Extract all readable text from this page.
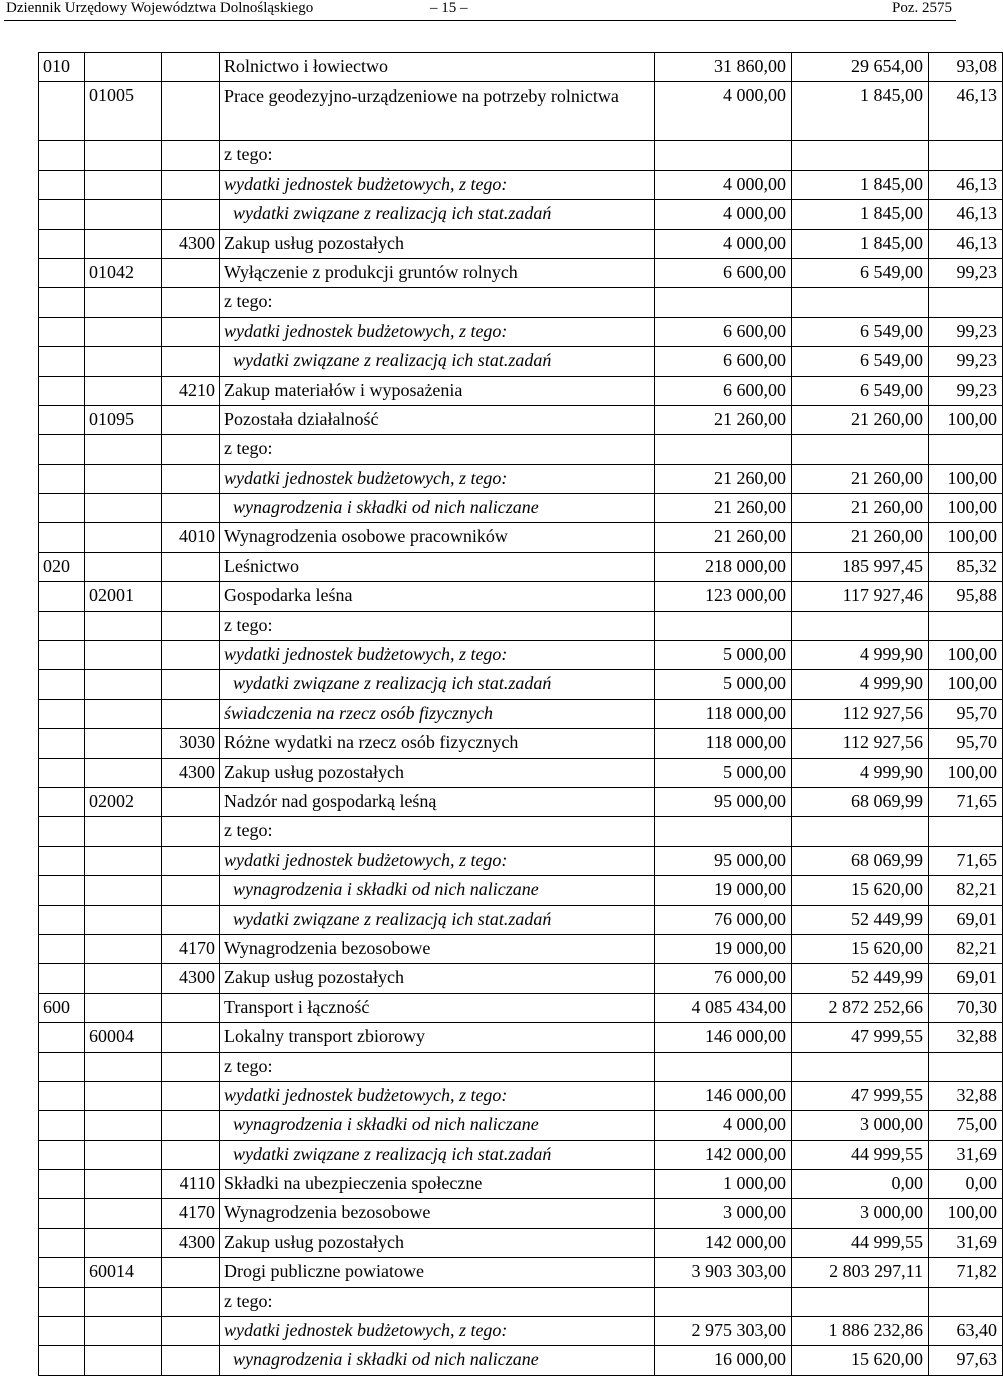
Dziennik Urzędowy Województwa Dolnośląskiego	– 15 –	Poz. 2575
010			Rolnictwo i łowiectwo	31 860,00	29 654,00	93,08
	01005		Prace geodezyjno-urządzeniowe na potrzeby rolnictwa	4 000,00	1 845,00	46,13
			z tego:			
			wydatki jednostek budżetowych, z tego:	4 000,00	1 845,00	46,13
			wydatki związane z realizacją ich stat.zadań	4 000,00	1 845,00	46,13
		4300	Zakup usług pozostałych	4 000,00	1 845,00	46,13
	01042		Wyłączenie z produkcji gruntów rolnych	6 600,00	6 549,00	99,23
			z tego:			
			wydatki jednostek budżetowych, z tego:	6 600,00	6 549,00	99,23
			wydatki związane z realizacją ich stat.zadań	6 600,00	6 549,00	99,23
		4210	Zakup materiałów i wyposażenia	6 600,00	6 549,00	99,23
	01095		Pozostała działalność	21 260,00	21 260,00	100,00
			z tego:			
			wydatki jednostek budżetowych, z tego:	21 260,00	21 260,00	100,00
			wynagrodzenia i składki od nich naliczane	21 260,00	21 260,00	100,00
		4010	Wynagrodzenia osobowe pracowników	21 260,00	21 260,00	100,00
020			Leśnictwo	218 000,00	185 997,45	85,32
	02001		Gospodarka leśna	123 000,00	117 927,46	95,88
			z tego:			
			wydatki jednostek budżetowych, z tego:	5 000,00	4 999,90	100,00
			wydatki związane z realizacją ich stat.zadań	5 000,00	4 999,90	100,00
			świadczenia na rzecz osób fizycznych	118 000,00	112 927,56	95,70
		3030	Różne wydatki na rzecz osób fizycznych	118 000,00	112 927,56	95,70
		4300	Zakup usług pozostałych	5 000,00	4 999,90	100,00
	02002		Nadzór nad gospodarką leśną	95 000,00	68 069,99	71,65
			z tego:			
			wydatki jednostek budżetowych, z tego:	95 000,00	68 069,99	71,65
			wynagrodzenia i składki od nich naliczane	19 000,00	15 620,00	82,21
			wydatki związane z realizacją ich stat.zadań	76 000,00	52 449,99	69,01
		4170	Wynagrodzenia bezosobowe	19 000,00	15 620,00	82,21
		4300	Zakup usług pozostałych	76 000,00	52 449,99	69,01
600			Transport i łączność	4 085 434,00	2 872 252,66	70,30
	60004		Lokalny transport zbiorowy	146 000,00	47 999,55	32,88
			z tego:			
			wydatki jednostek budżetowych, z tego:	146 000,00	47 999,55	32,88
			wynagrodzenia i składki od nich naliczane	4 000,00	3 000,00	75,00
			wydatki związane z realizacją ich stat.zadań	142 000,00	44 999,55	31,69
		4110	Składki na ubezpieczenia społeczne	1 000,00	0,00	0,00
		4170	Wynagrodzenia bezosobowe	3 000,00	3 000,00	100,00
		4300	Zakup usług pozostałych	142 000,00	44 999,55	31,69
	60014		Drogi publiczne powiatowe	3 903 303,00	2 803 297,11	71,82
			z tego:			
			wydatki jednostek budżetowych, z tego:	2 975 303,00	1 886 232,86	63,40
			wynagrodzenia i składki od nich naliczane	16 000,00	15 620,00	97,63
